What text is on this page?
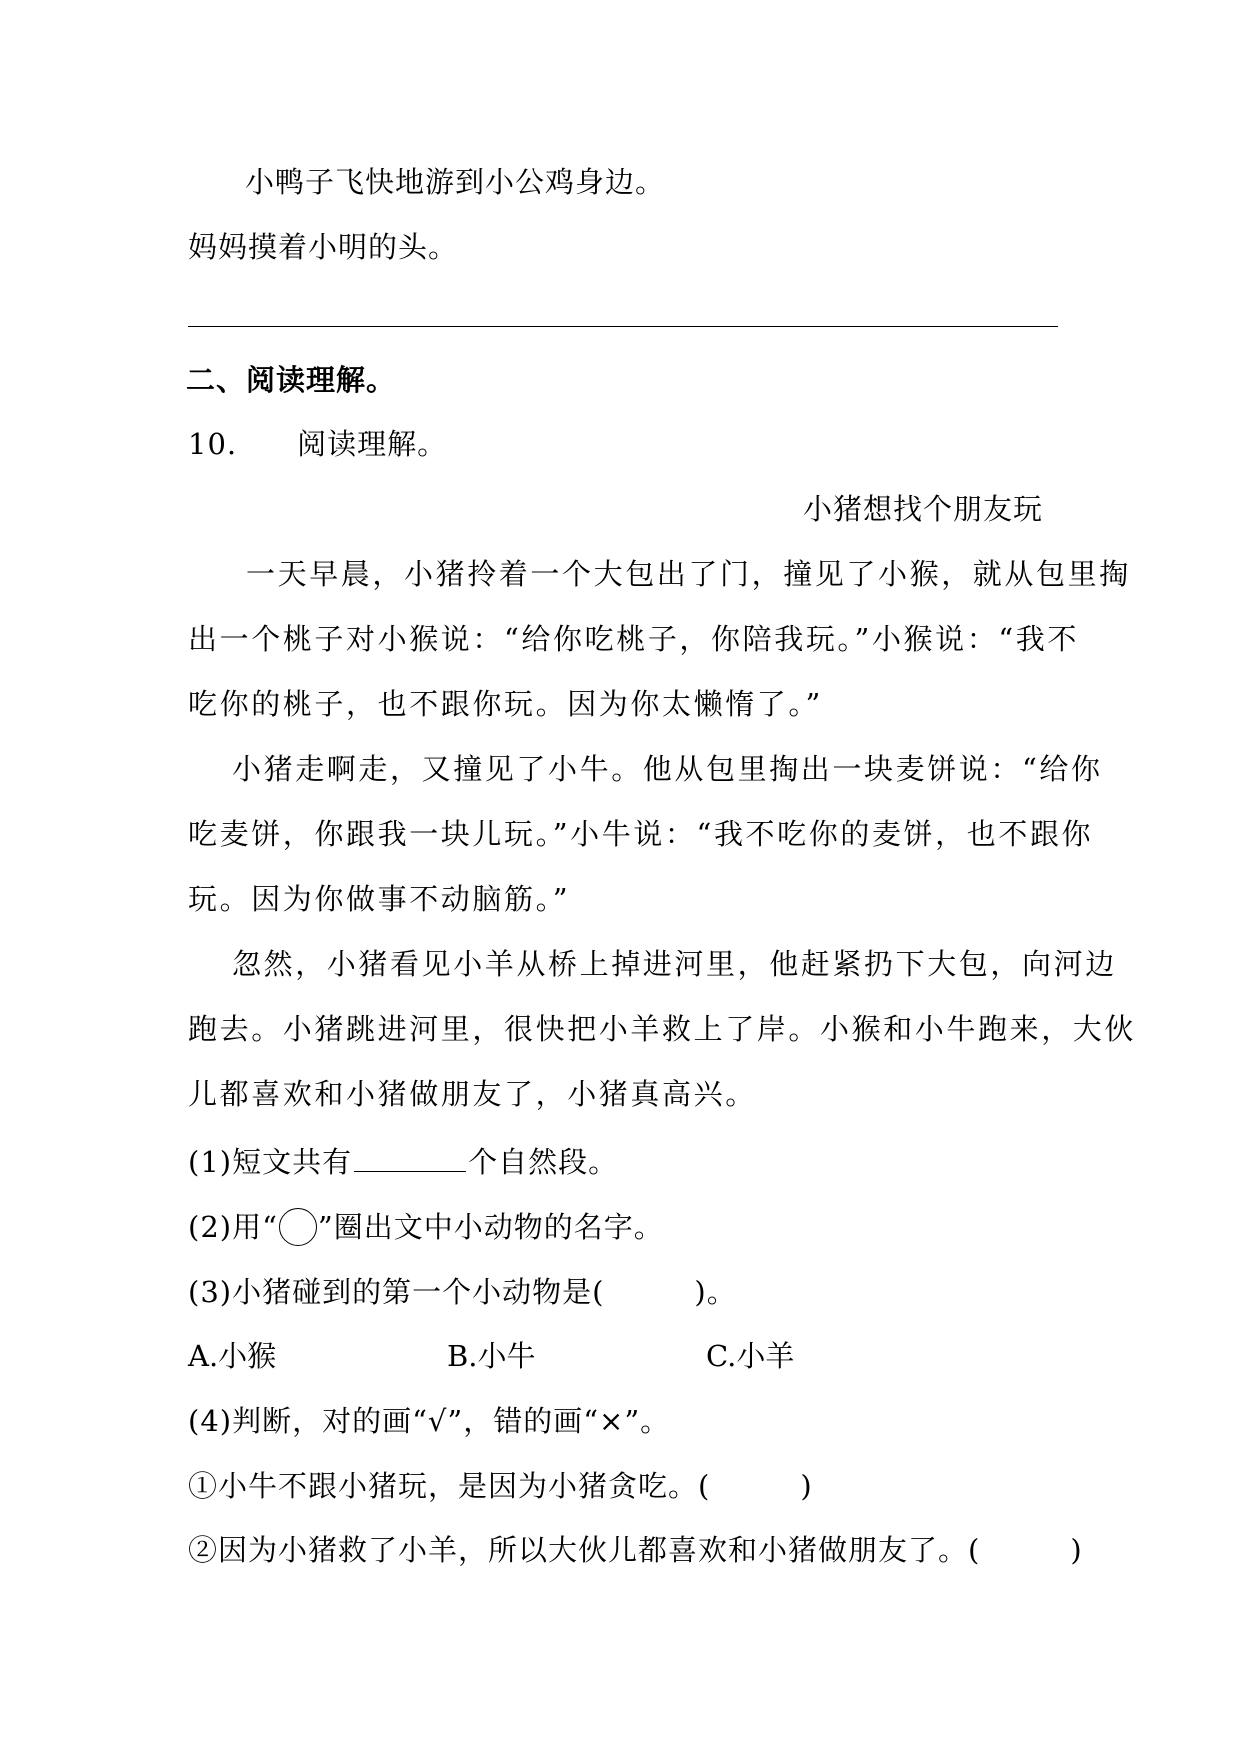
小鸭子飞快地游到小公鸡身边。
妈妈摸着小明的头。
二、阅读理解。
10. 阅读理解。
小猪想找个朋友玩
一天早晨，小猪拎着一个大包出了门，撞见了小猴，就从包里掏
出一个桃子对小猴说：“给你吃桃子，你陪我玩。”小猴说：“我不
吃你的桃子，也不跟你玩。因为你太懒惰了。”
小猪走啊走，又撞见了小牛。他从包里掏出一块麦饼说：“给你
吃麦饼，你跟我一块儿玩。”小牛说：“我不吃你的麦饼，也不跟你
玩。因为你做事不动脑筋。”
忽然，小猪看见小羊从桥上掉进河里，他赶紧扔下大包，向河边
跑去。小猪跳进河里，很快把小羊救上了岸。小猴和小牛跑来，大伙
儿都喜欢和小猪做朋友了，小猪真高兴。
(1)短文共有	个自然段。
(2)用“ ”圈出文中小动物的名字。
(3)小猪碰到的第一个小动物是(	)。
A.小猴	B.小牛	C.小羊
(4)判断，对的画“√”，错的画“×”。
①小牛不跟小猪玩，是因为小猪贪吃。(	)
②因为小猪救了小羊，所以大伙儿都喜欢和小猪做朋友了。(	)
